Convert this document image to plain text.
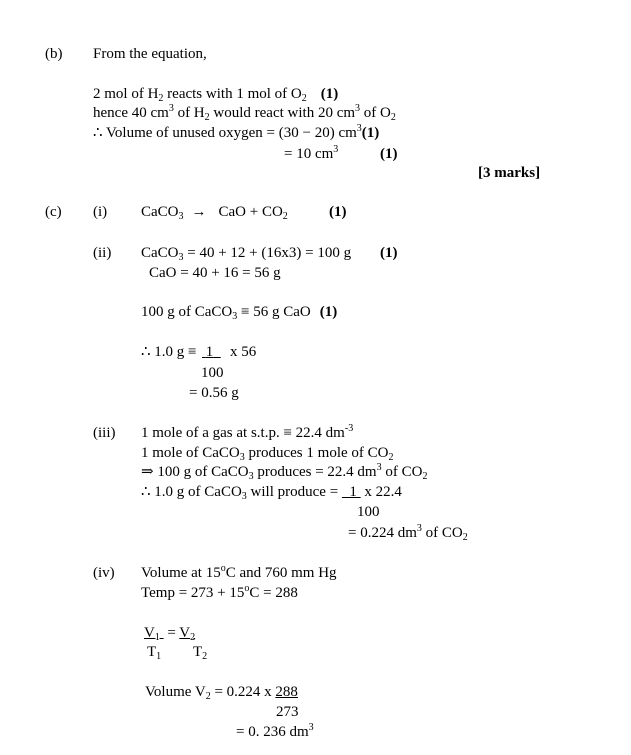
(b) From the equation,
2 mol of $H_2$ reacts with 1 mol of $O_2$ (1)
hence 40 $cm^3$ of $H_2$ would react with 20 $cm^3$ of $O_2$
∴ Volume of unused oxygen = (30 − 20) $cm^3(1)$
= 10 $cm^3$	(1)
[3 marks]
(c) (i) CaCO$_3$ → CaO + $CO_2$	(1)
(ii) CaCO$_3$ = 40 + 12 + (16x3) = 100 g (1)
CaO = 40 + 16 = 56 g
100 g of CaCO$_3$ ≡ 56 g CaO (1)
∴ 1.0 g ≡ 1	x 56
100
= 0.56 g
(iii) 1 mole of a gas at s.t.p. ≡ 22.4 $dm^{-3}$
1 mole of CaCO$_3$ produces 1 mole of $CO_2$
⇒ 100 g of CaCO$_3$ produces = 22.4 $dm^3$ of $CO_2$
∴ 1.0 g of CaCO$_3$ will produce =   1  x 22.4
100
= 0.224 $dm^3$ of $CO_2$
(iv) Volume at 15$^o$C and 760 mm Hg
Temp = $273 + 15^oC = 288$
$V_1 = V_2$
$T_1$ $T_2$
Volume $V_2 = 0.224$ x 288
273
= 0. 236 $dm^3$
